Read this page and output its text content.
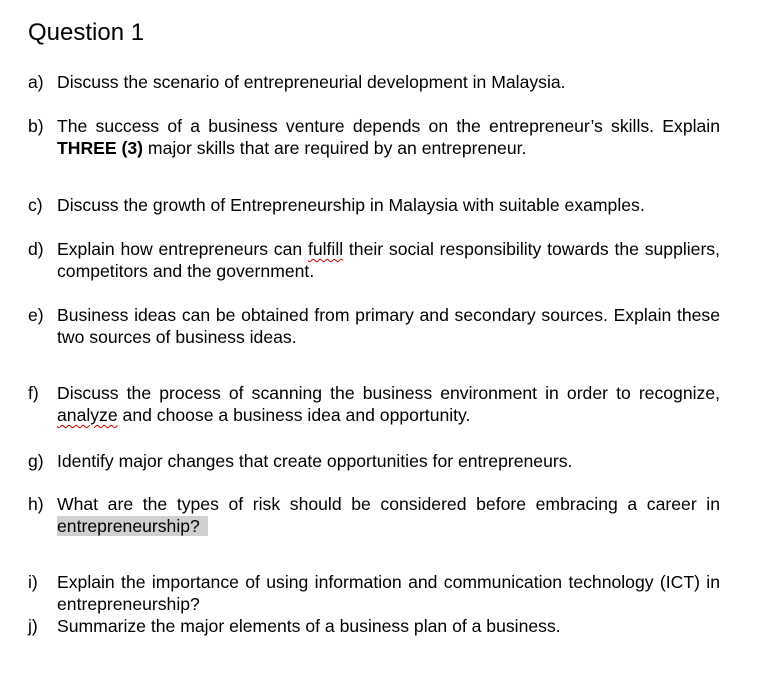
Question 1
a) Discuss the scenario of entrepreneurial development in Malaysia.
b) The success of a business venture depends on the entrepreneur’s skills. Explain THREE (3) major skills that are required by an entrepreneur.
c) Discuss the growth of Entrepreneurship in Malaysia with suitable examples.
d) Explain how entrepreneurs can fulfill their social responsibility towards the suppliers, competitors and the government.
e) Business ideas can be obtained from primary and secondary sources. Explain these two sources of business ideas.
f)	Discuss the process of scanning the business environment in order to recognize, analyze and choose a business idea and opportunity.
g) Identify major changes that create opportunities for entrepreneurs.
h) What are the types of risk should be considered before embracing a career in entrepreneurship?
i)	Explain the importance of using information and communication technology (ICT) in entrepreneurship?
j)	Summarize the major elements of a business plan of a business.
